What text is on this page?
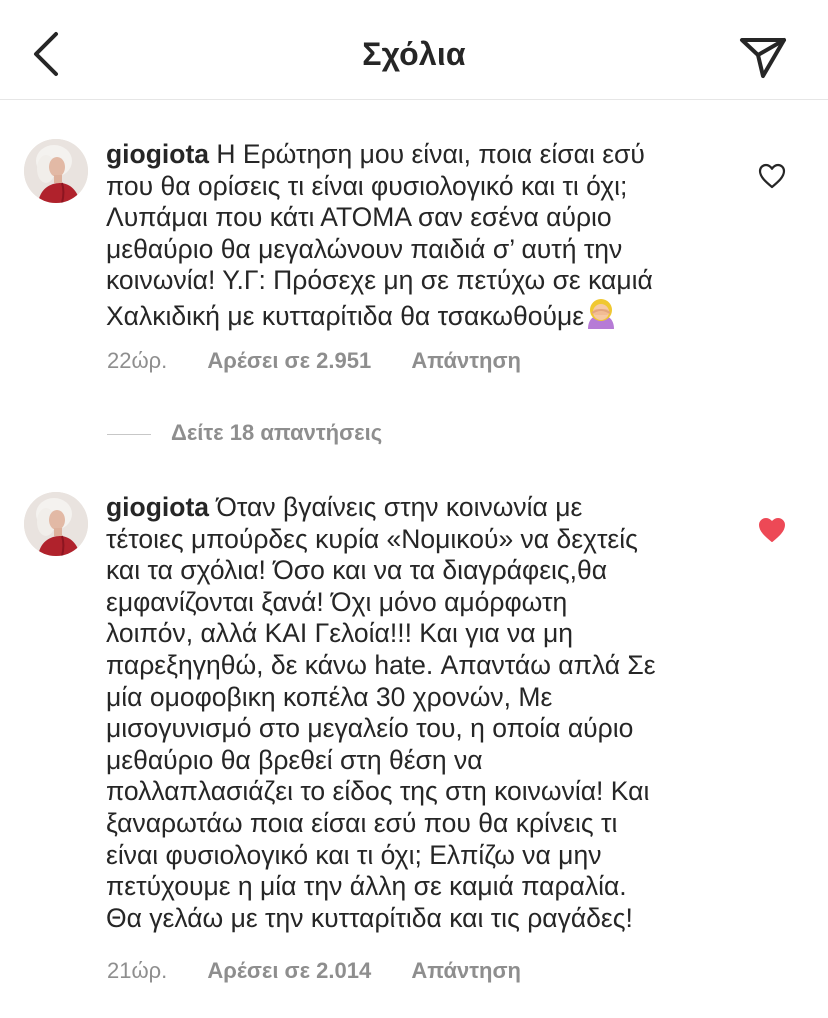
Σχόλια
giogiota Η Ερώτηση μου είναι, ποια είσαι εσύ
που θα ορίσεις τι είναι φυσιολογικό και τι όχι;
Λυπάμαι που κάτι ΑΤΟΜΑ σαν εσένα αύριο
μεθαύριο θα μεγαλώνουν παιδιά σ’ αυτή την
κοινωνία! Υ.Γ: Πρόσεχε μη σε πετύχω σε καμιά
Χαλκιδική με κυτταρίτιδα θα τσακωθούμε
22ώρ. Αρέσει σε 2.951 Απάντηση
Δείτε 18 απαντήσεις
giogiota Όταν βγαίνεις στην κοινωνία με
τέτοιες μπούρδες κυρία «Νομικού» να δεχτείς
και τα σχόλια! Όσο και να τα διαγράφεις,θα
εμφανίζονται ξανά! Όχι μόνο αμόρφωτη
λοιπόν, αλλά ΚΑΙ Γελοία!!! Και για να μη
παρεξηγηθώ, δε κάνω hate. Απαντάω απλά Σε
μία ομοφοβικη κοπέλα 30 χρονών, Με
μισογυνισμό στο μεγαλείο του, η οποία αύριο
μεθαύριο θα βρεθεί στη θέση να
πολλαπλασιάζει το είδος της στη κοινωνία! Και
ξαναρωτάω ποια είσαι εσύ που θα κρίνεις τι
είναι φυσιολογικό και τι όχι; Ελπίζω να μην
πετύχουμε η μία την άλλη σε καμιά παραλία.
Θα γελάω με την κυτταρίτιδα και τις ραγάδες!
21ώρ. Αρέσει σε 2.014 Απάντηση
